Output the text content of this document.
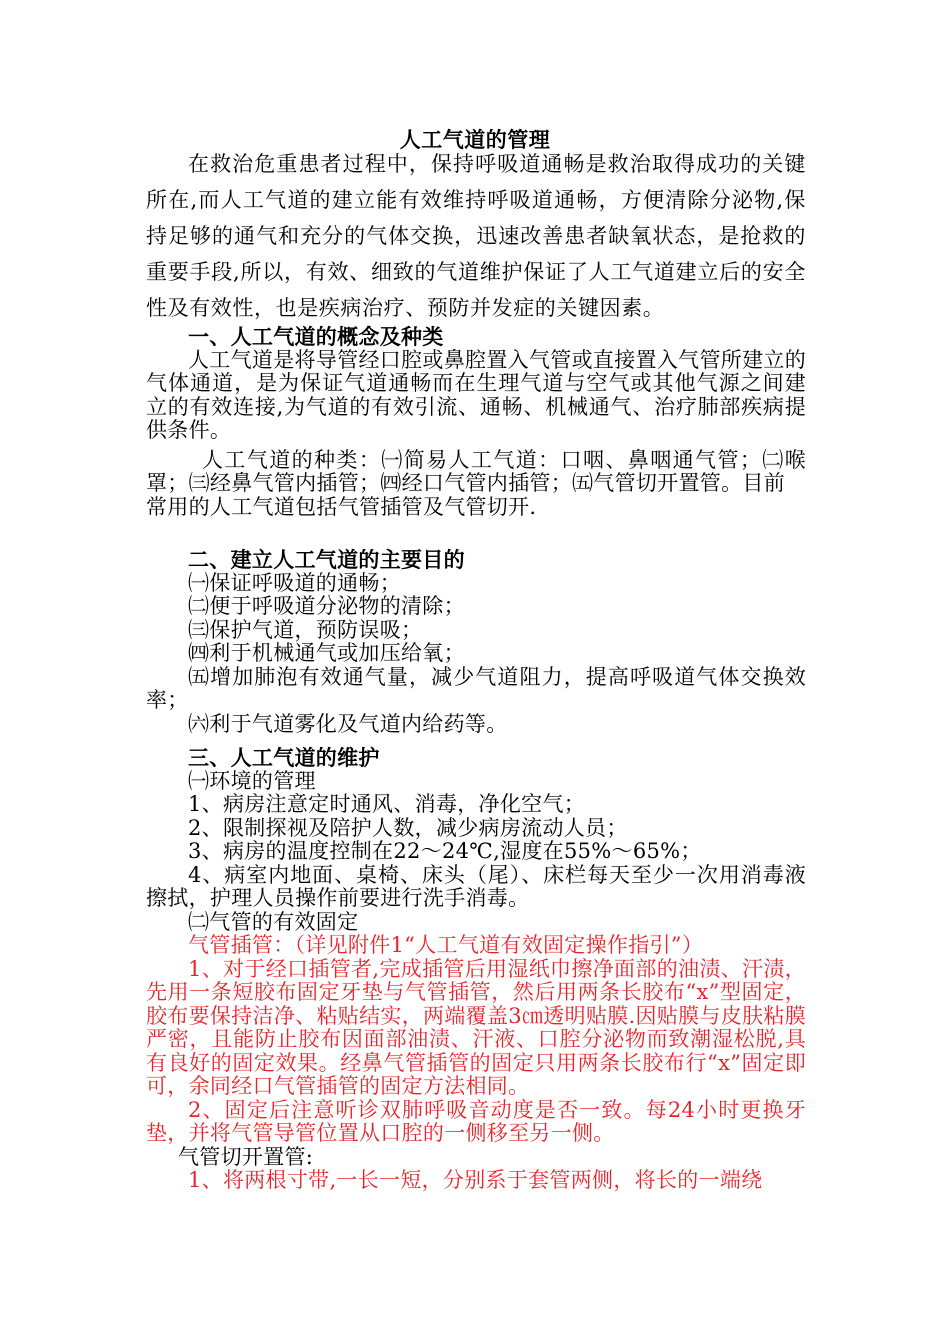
人工气道的管理

在救治危重患者过程中，保持呼吸道通畅是救治取得成功的关键所在,而人工气道的建立能有效维持呼吸道通畅，方便清除分泌物,保持足够的通气和充分的气体交换，迅速改善患者缺氧状态，是抢救的重要手段,所以，有效、细致的气道维护保证了人工气道建立后的安全性及有效性，也是疾病治疗、预防并发症的关键因素。

一、人工气道的概念及种类

人工气道是将导管经口腔或鼻腔置入气管或直接置入气管所建立的气体通道，是为保证气道通畅而在生理气道与空气或其他气源之间建立的有效连接,为气道的有效引流、通畅、机械通气、治疗肺部疾病提供条件。

人工气道的种类：㈠简易人工气道：口咽、鼻咽通气管；㈡喉罩；㈢经鼻气管内插管；㈣经口气管内插管；㈤气管切开置管。目前

常用的人工气道包括气管插管及气管切开.

二、建立人工气道的主要目的

㈠保证呼吸道的通畅；

㈡便于呼吸道分泌物的清除；

㈢保护气道，预防误吸；

㈣利于机械通气或加压给氧；

㈤增加肺泡有效通气量，减少气道阻力，提高呼吸道气体交换效率；

㈥利于气道雾化及气道内给药等。

三、人工气道的维护

㈠环境的管理

1、病房注意定时通风、消毒，净化空气；

2、限制探视及陪护人数，减少病房流动人员；

3、病房的温度控制在22～24℃,湿度在55%～65%；

4、病室内地面、桌椅、床头（尾）、床栏每天至少一次用消毒液擦拭，护理人员操作前要进行洗手消毒。

㈡气管的有效固定

气管插管：（详见附件1“人工气道有效固定操作指引”）

1、对于经口插管者,完成插管后用湿纸巾擦净面部的油渍、汗渍，先用一条短胶布固定牙垫与气管插管，然后用两条长胶布“x”型固定，胶布要保持洁净、粘贴结实，两端覆盖3㎝透明贴膜.因贴膜与皮肤粘膜严密，且能防止胶布因面部油渍、汗液、口腔分泌物而致潮湿松脱,具有良好的固定效果。经鼻气管插管的固定只用两条长胶布行“x”固定即可，余同经口气管插管的固定方法相同。

2、固定后注意听诊双肺呼吸音动度是否一致。每24小时更换牙垫，并将气管导管位置从口腔的一侧移至另一侧。

气管切开置管:

1、将两根寸带,一长一短，分别系于套管两侧，将长的一端绕
